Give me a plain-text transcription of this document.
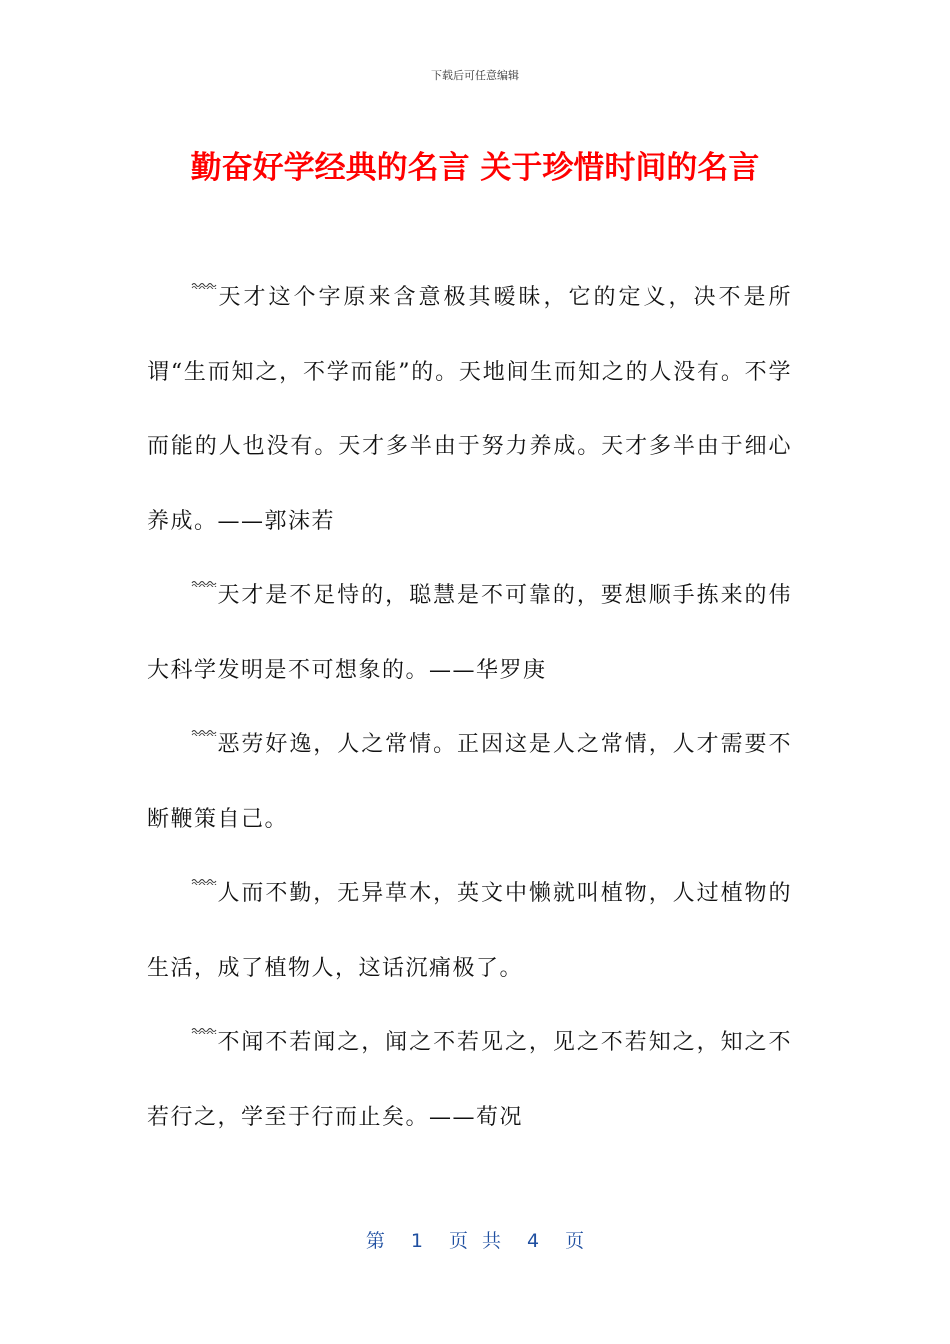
下载后可任意编辑
勤奋好学经典的名言 关于珍惜时间的名言

天才这个字原来含意极其暧昧，它的定义，决不是所谓“生而知之，不学而能”的。天地间生而知之的人没有。不学而能的人也没有。天才多半由于努力养成。天才多半由于细心养成。——郭沫若

天才是不足恃的，聪慧是不可靠的，要想顺手拣来的伟大科学发明是不可想象的。——华罗庚

恶劳好逸，人之常情。正因这是人之常情，人才需要不断鞭策自己。

人而不勤，无异草木，英文中懒就叫植物，人过植物的生活，成了植物人，这话沉痛极了。

不闻不若闻之，闻之不若见之，见之不若知之，知之不若行之，学至于行而止矣。——荀况

第 1 页 共 4 页
